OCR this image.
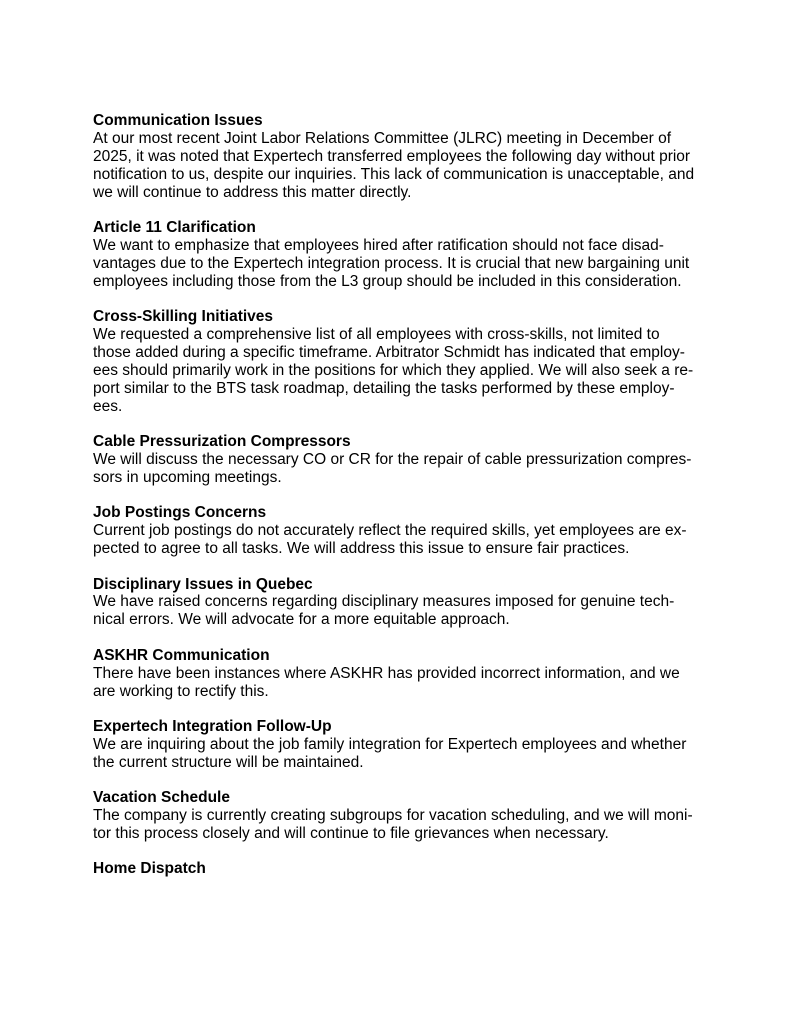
Communication Issues
At our most recent Joint Labor Relations Committee (JLRC) meeting in December of
2025, it was noted that Expertech transferred employees the following day without prior
notification to us, despite our inquiries. This lack of communication is unacceptable, and
we will continue to address this matter directly.
Article 11 Clarification
We want to emphasize that employees hired after ratification should not face disad-
vantages due to the Expertech integration process. It is crucial that new bargaining unit
employees including those from the L3 group should be included in this consideration.
Cross-Skilling Initiatives
We requested a comprehensive list of all employees with cross-skills, not limited to
those added during a specific timeframe. Arbitrator Schmidt has indicated that employ-
ees should primarily work in the positions for which they applied. We will also seek a re-
port similar to the BTS task roadmap, detailing the tasks performed by these employ-
ees.
Cable Pressurization Compressors
We will discuss the necessary CO or CR for the repair of cable pressurization compres-
sors in upcoming meetings.
Job Postings Concerns
Current job postings do not accurately reflect the required skills, yet employees are ex-
pected to agree to all tasks. We will address this issue to ensure fair practices.
Disciplinary Issues in Quebec
We have raised concerns regarding disciplinary measures imposed for genuine tech-
nical errors. We will advocate for a more equitable approach.
ASKHR Communication
There have been instances where ASKHR has provided incorrect information, and we
are working to rectify this.
Expertech Integration Follow-Up
We are inquiring about the job family integration for Expertech employees and whether
the current structure will be maintained.
Vacation Schedule
The company is currently creating subgroups for vacation scheduling, and we will moni-
tor this process closely and will continue to file grievances when necessary.
Home Dispatch
